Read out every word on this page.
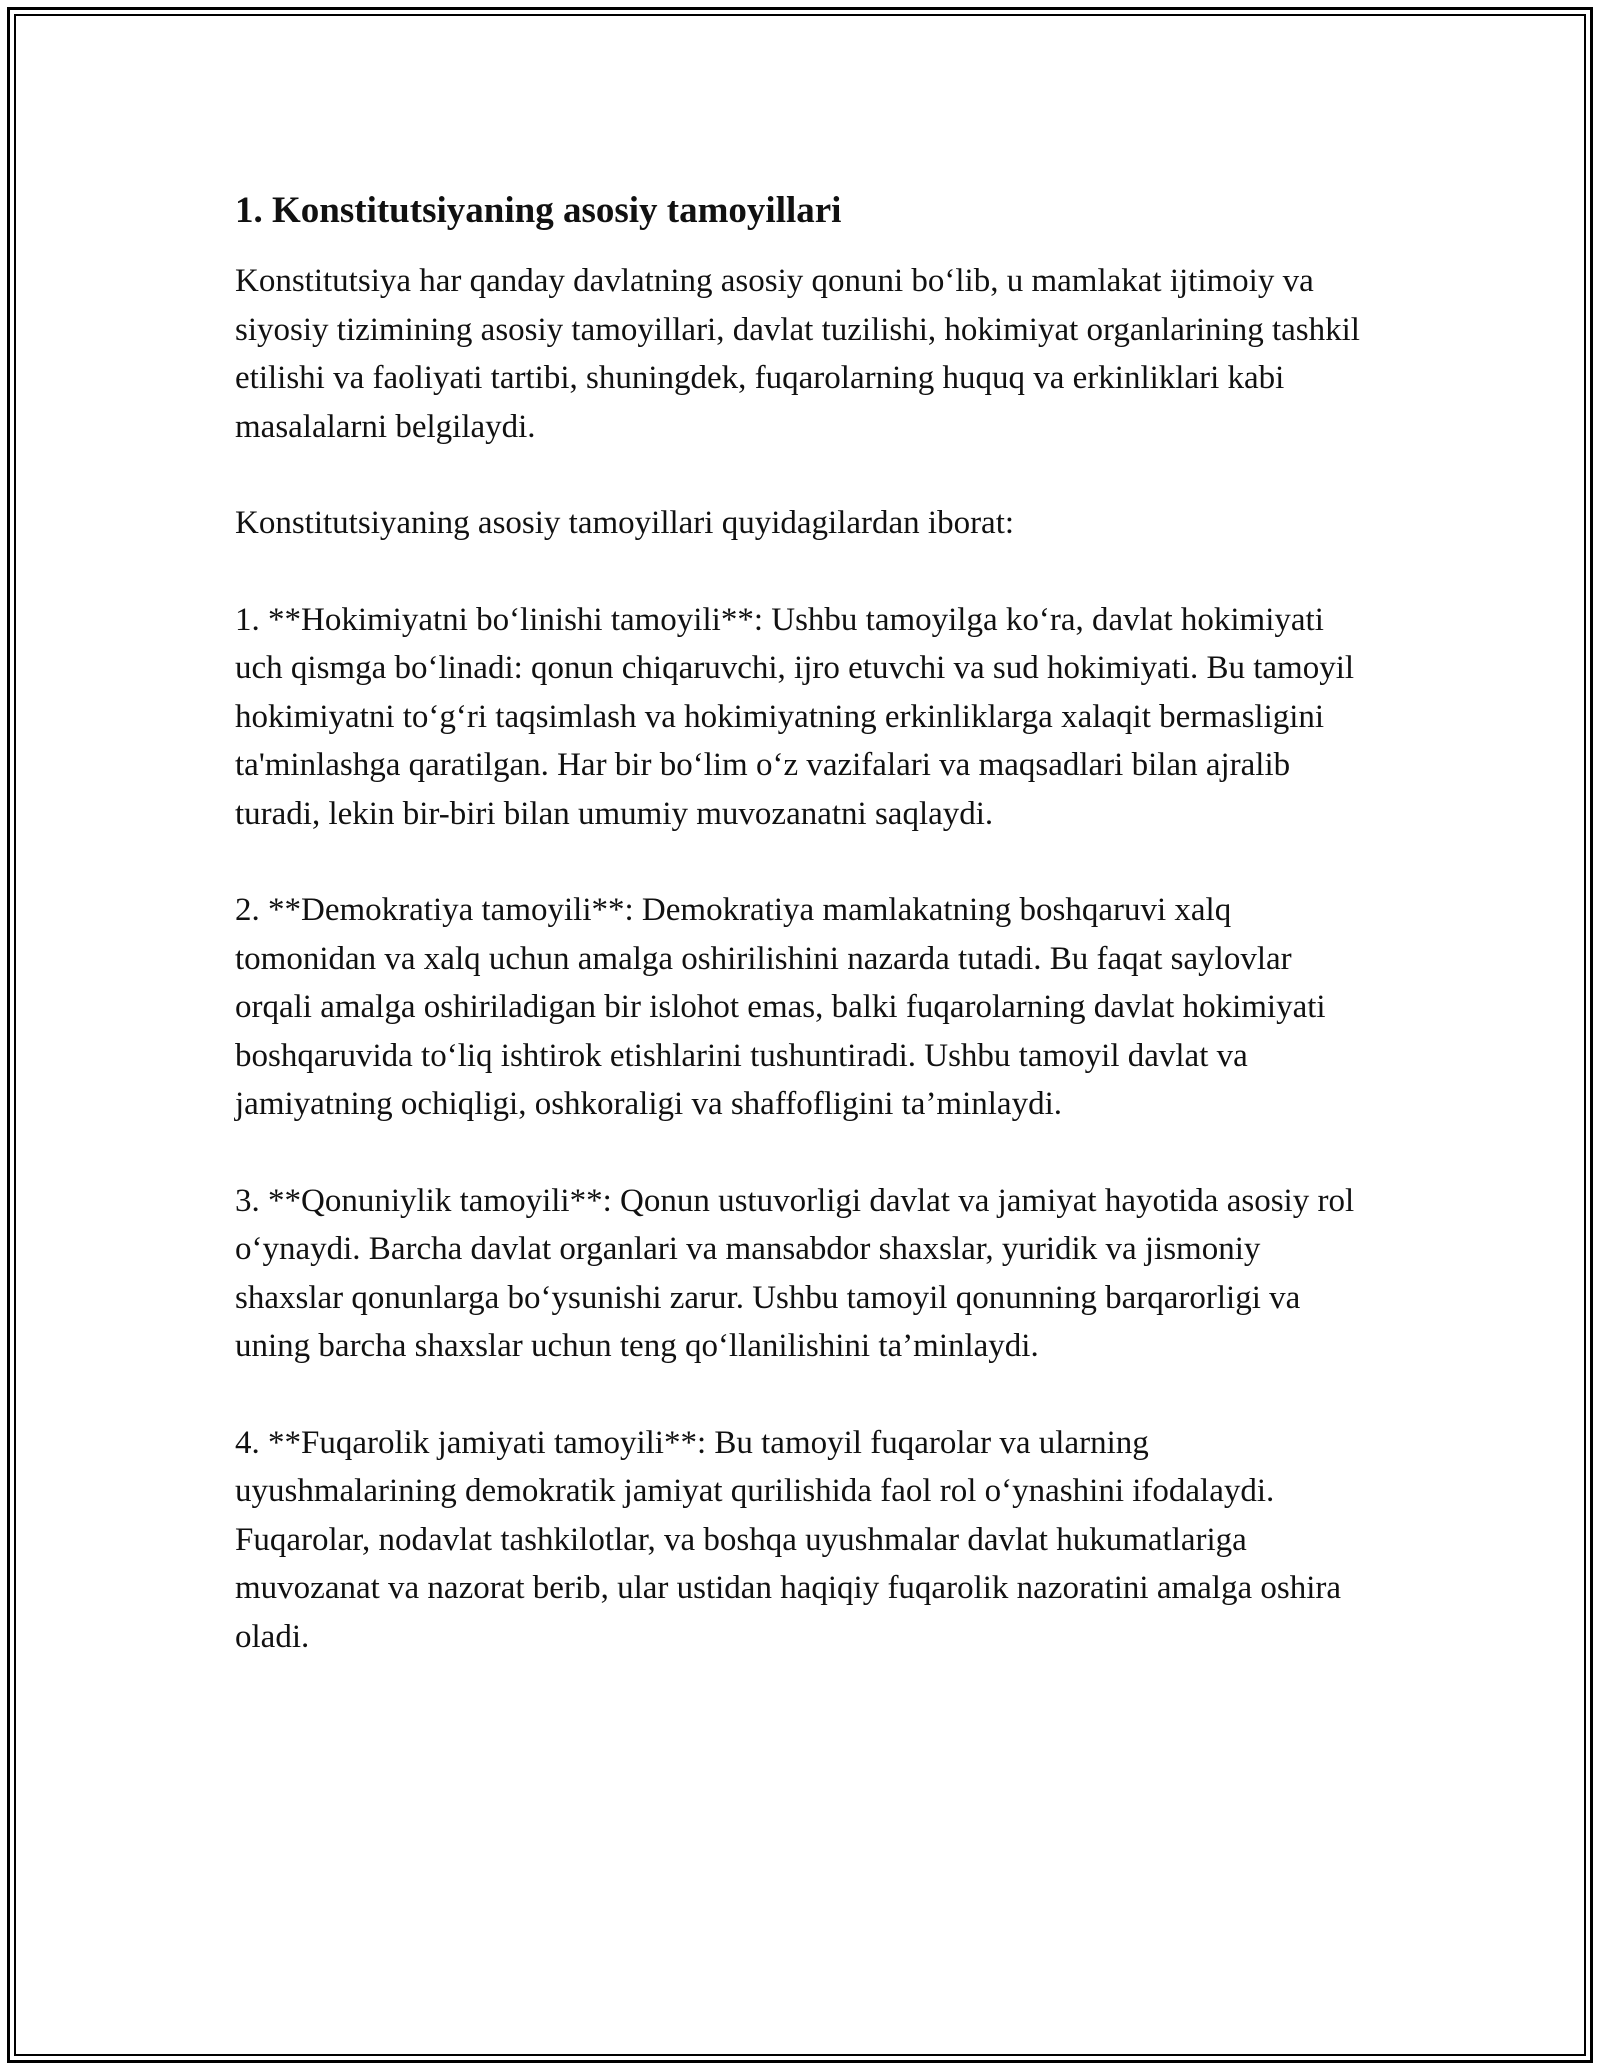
1. Konstitutsiyaning asosiy tamoyillari

Konstitutsiya har qanday davlatning asosiy qonuni bo‘lib, u mamlakat ijtimoiy va siyosiy tizimining asosiy tamoyillari, davlat tuzilishi, hokimiyat organlarining tashkil etilishi va faoliyati tartibi, shuningdek, fuqarolarning huquq va erkinliklari kabi masalalarni belgilaydi.

Konstitutsiyaning asosiy tamoyillari quyidagilardan iborat:

1. **Hokimiyatni bo‘linishi tamoyili**: Ushbu tamoyilga ko‘ra, davlat hokimiyati uch qismga bo‘linadi: qonun chiqaruvchi, ijro etuvchi va sud hokimiyati. Bu tamoyil hokimiyatni to‘g‘ri taqsimlash va hokimiyatning erkinliklarga xalaqit bermasligini ta'minlashga qaratilgan. Har bir bo‘lim o‘z vazifalari va maqsadlari bilan ajralib turadi, lekin bir-biri bilan umumiy muvozanatni saqlaydi.

2. **Demokratiya tamoyili**: Demokratiya mamlakatning boshqaruvi xalq tomonidan va xalq uchun amalga oshirilishini nazarda tutadi. Bu faqat saylovlar orqali amalga oshiriladigan bir islohot emas, balki fuqarolarning davlat hokimiyati boshqaruvida to‘liq ishtirok etishlarini tushuntiradi. Ushbu tamoyil davlat va jamiyatning ochiqligi, oshkoraligi va shaffofligini ta’minlaydi.

3. **Qonuniylik tamoyili**: Qonun ustuvorligi davlat va jamiyat hayotida asosiy rol o‘ynaydi. Barcha davlat organlari va mansabdor shaxslar, yuridik va jismoniy shaxslar qonunlarga bo‘ysunishi zarur. Ushbu tamoyil qonunning barqarorligi va uning barcha shaxslar uchun teng qo‘llanilishini ta’minlaydi.

4. **Fuqarolik jamiyati tamoyili**: Bu tamoyil fuqarolar va ularning uyushmalarining demokratik jamiyat qurilishida faol rol o‘ynashini ifodalaydi. Fuqarolar, nodavlat tashkilotlar, va boshqa uyushmalar davlat hukumatlariga muvozanat va nazorat berib, ular ustidan haqiqiy fuqarolik nazoratini amalga oshira oladi.
